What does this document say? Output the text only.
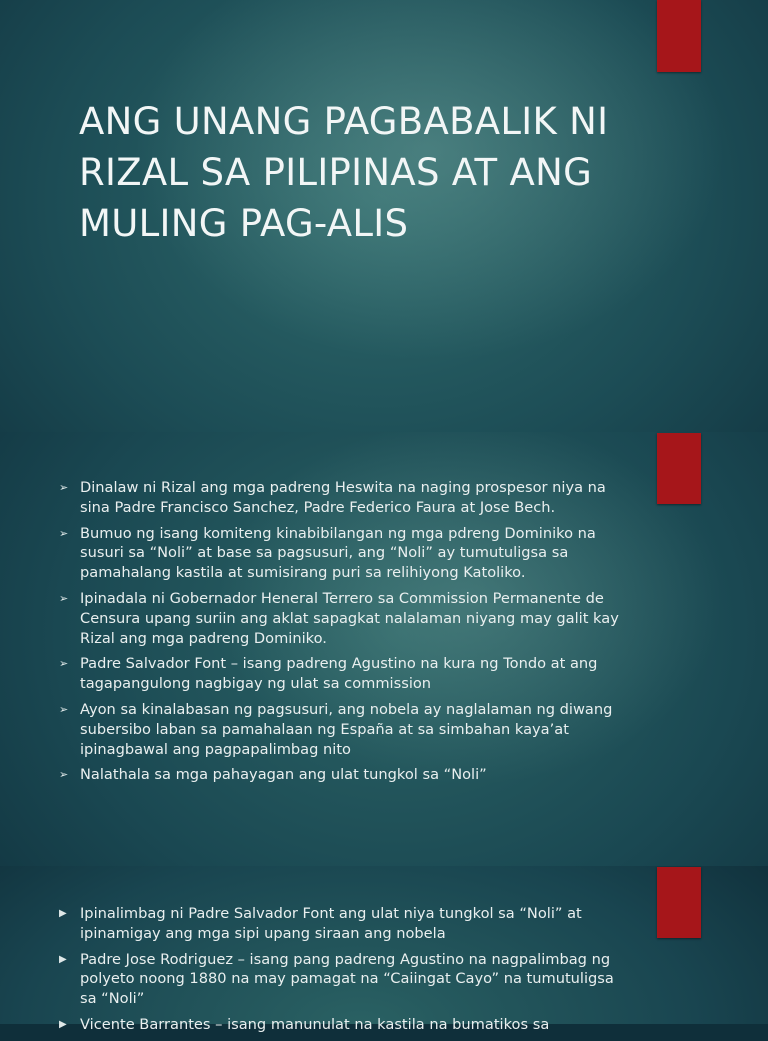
ANG UNANG PAGBABALIK NI RIZAL SA PILIPINAS AT ANG MULING PAG-ALIS
➢ Dinalaw ni Rizal ang mga padreng Heswita na naging prospesor niya na sina Padre Francisco Sanchez, Padre Federico Faura at Jose Bech.
➢ Bumuo ng isang komiteng kinabibilangan ng mga pdreng Dominiko na susuri sa “Noli” at base sa pagsusuri, ang “Noli” ay tumutuligsa sa pamahalang kastila at sumisirang puri sa relihiyong Katoliko.
➢ Ipinadala ni Gobernador Heneral Terrero sa Commission Permanente de Censura upang suriin ang aklat sapagkat nalalaman niyang may galit kay Rizal ang mga padreng Dominiko.
➢ Padre Salvador Font – isang padreng Agustino na kura ng Tondo at ang tagapangulong nagbigay ng ulat sa commission
➢ Ayon sa kinalabasan ng pagsusuri, ang nobela ay naglalaman ng diwang subersibo laban sa pamahalaan ng España at sa simbahan kaya’at ipinagbawal ang pagpapalimbag nito
➢ Nalathala sa mga pahayagan ang ulat tungkol sa “Noli”
▶ Ipinalimbag ni Padre Salvador Font ang ulat niya tungkol sa “Noli” at ipinamigay ang mga sipi upang siraan ang nobela
▶ Padre Jose Rodriguez – isang pang padreng Agustino na nagpalimbag ng polyeto noong 1880 na may pamagat na “Caiingat Cayo” na tumutuligsa sa “Noli”
▶ Vicente Barrantes – isang manunulat na kastila na bumatikos sa
